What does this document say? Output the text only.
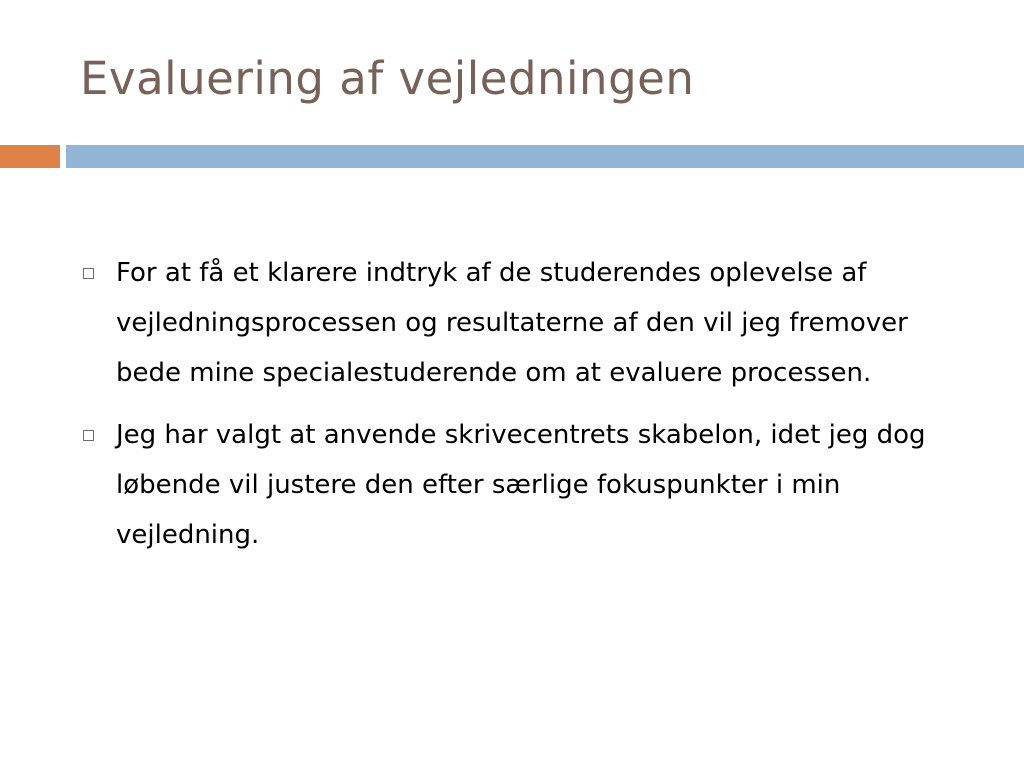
Evaluering af vejledningen
For at få et klarere indtryk af de studerendes oplevelse af vejledningsprocessen og resultaterne af den vil jeg fremover bede mine specialestuderende om at evaluere processen.
Jeg har valgt at anvende skrivecentrets skabelon, idet jeg dog løbende vil justere den efter særlige fokuspunkter i min vejledning.
